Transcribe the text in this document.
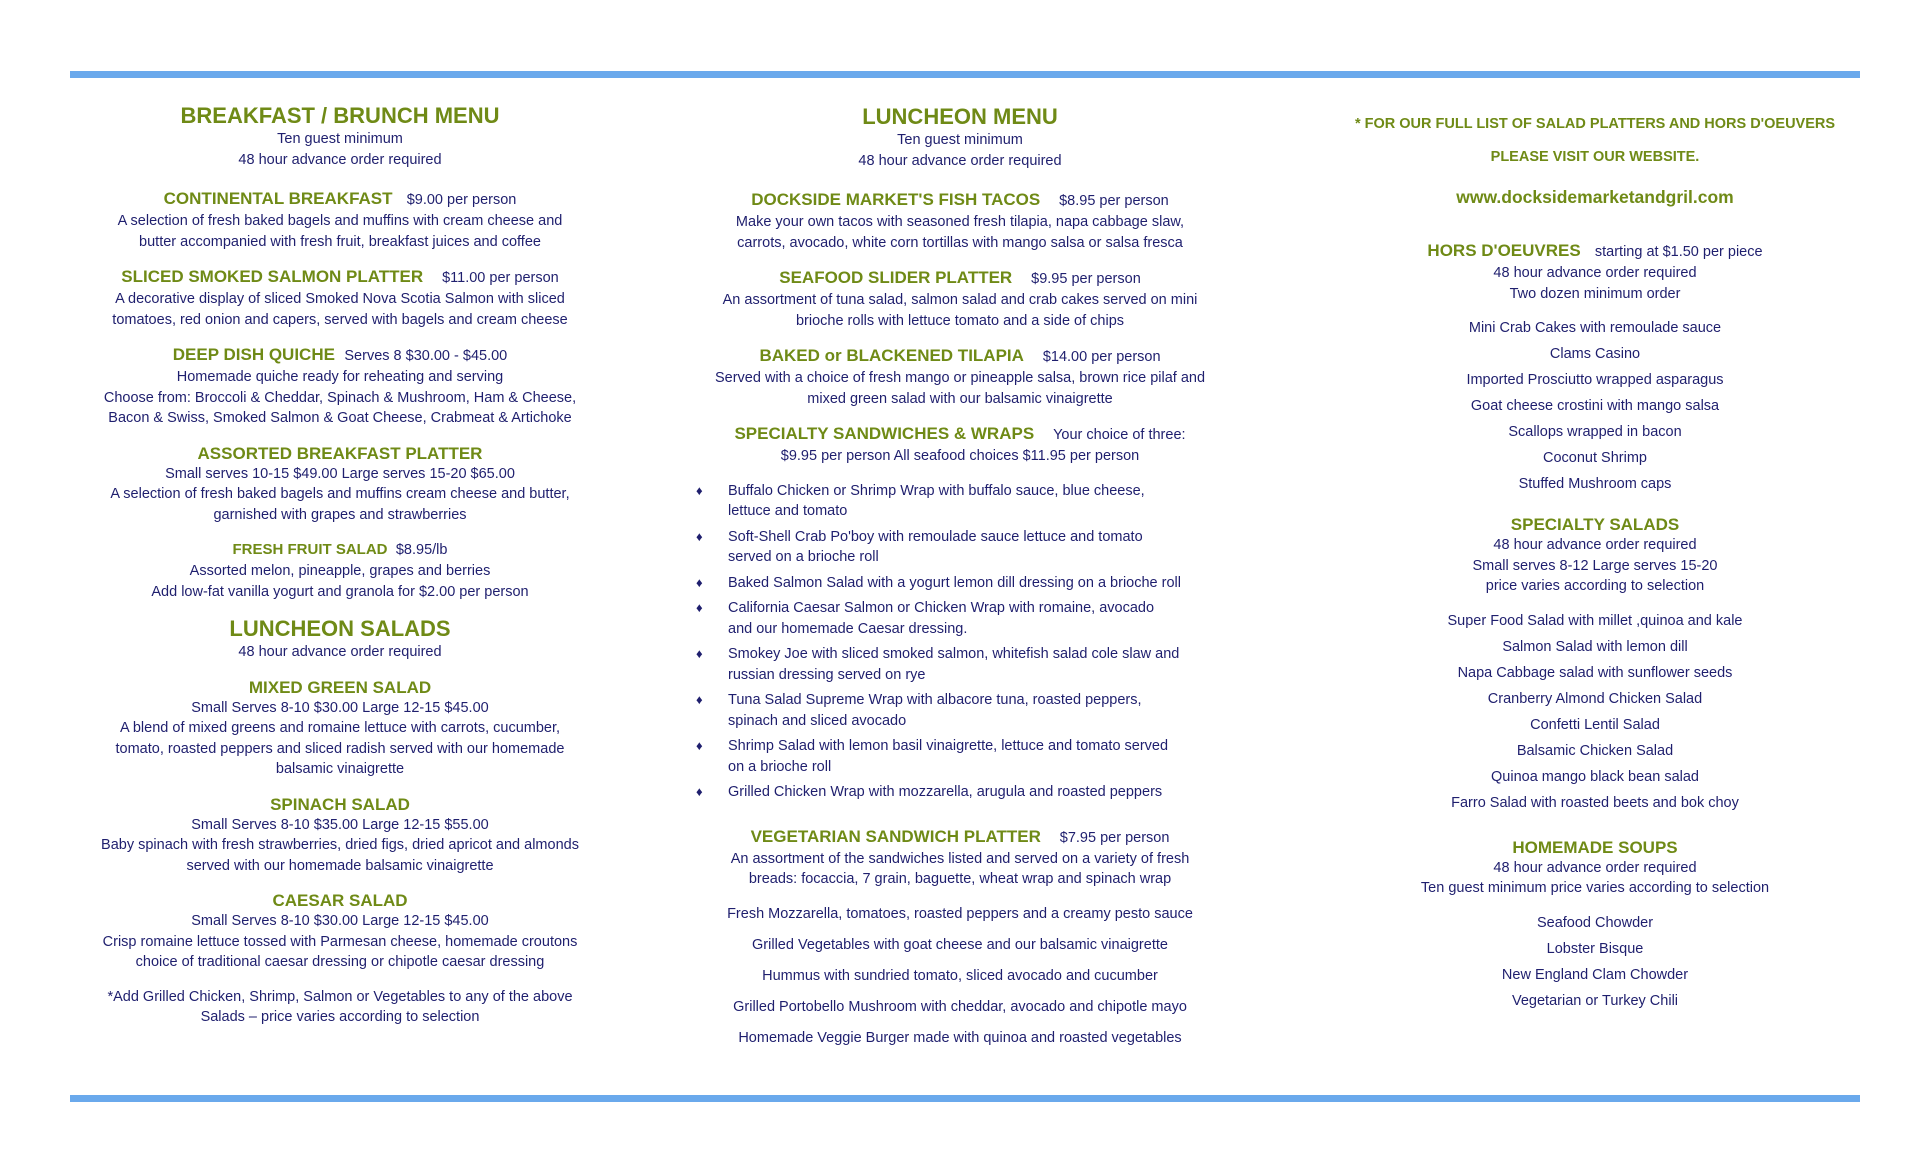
BREAKFAST / BRUNCH MENU

Ten guest minimum

48 hour advance order required

CONTINENTAL BREAKFAST $9.00 per person

A selection of fresh baked bagels and muffins with cream cheese and

butter accompanied with fresh fruit, breakfast juices and coffee

SLICED SMOKED SALMON PLATTER $11.00 per person

A decorative display of sliced Smoked Nova Scotia Salmon with sliced

tomatoes, red onion and capers, served with bagels and cream cheese

DEEP DISH QUICHE Serves 8 $30.00 - $45.00

Homemade quiche ready for reheating and serving

Choose from: Broccoli & Cheddar, Spinach & Mushroom, Ham & Cheese,

Bacon & Swiss, Smoked Salmon & Goat Cheese, Crabmeat & Artichoke

ASSORTED BREAKFAST PLATTER

Small serves 10-15 $49.00 Large serves 15-20 $65.00

A selection of fresh baked bagels and muffins cream cheese and butter,

garnished with grapes and strawberries

FRESH FRUIT SALAD $8.95/lb

Assorted melon, pineapple, grapes and berries

Add low-fat vanilla yogurt and granola for $2.00 per person

LUNCHEON SALADS

48 hour advance order required

MIXED GREEN SALAD

Small Serves 8-10 $30.00 Large 12-15 $45.00

A blend of mixed greens and romaine lettuce with carrots, cucumber,

tomato, roasted peppers and sliced radish served with our homemade

balsamic vinaigrette

SPINACH SALAD

Small Serves 8-10 $35.00 Large 12-15 $55.00

Baby spinach with fresh strawberries, dried figs, dried apricot and almonds

served with our homemade balsamic vinaigrette

CAESAR SALAD

Small Serves 8-10 $30.00 Large 12-15 $45.00

Crisp romaine lettuce tossed with Parmesan cheese, homemade croutons

choice of traditional caesar dressing or chipotle caesar dressing

*Add Grilled Chicken, Shrimp, Salmon or Vegetables to any of the above

Salads – price varies according to selection

LUNCHEON MENU

Ten guest minimum

48 hour advance order required

DOCKSIDE MARKET'S FISH TACOS $8.95 per person

Make your own tacos with seasoned fresh tilapia, napa cabbage slaw,

carrots, avocado, white corn tortillas with mango salsa or salsa fresca

SEAFOOD SLIDER PLATTER $9.95 per person

An assortment of tuna salad, salmon salad and crab cakes served on mini

brioche rolls with lettuce tomato and a side of chips

BAKED or BLACKENED TILAPIA $14.00 per person

Served with a choice of fresh mango or pineapple salsa, brown rice pilaf and

mixed green salad with our balsamic vinaigrette

SPECIALTY SANDWICHES & WRAPS Your choice of three:

$9.95 per person All seafood choices $11.95 per person

♦ Buffalo Chicken or Shrimp Wrap with buffalo sauce, blue cheese,
lettuce and tomato
♦ Soft-Shell Crab Po'boy with remoulade sauce lettuce and tomato
served on a brioche roll
♦ Baked Salmon Salad with a yogurt lemon dill dressing on a brioche roll
♦ California Caesar Salmon or Chicken Wrap with romaine, avocado
and our homemade Caesar dressing.
♦ Smokey Joe with sliced smoked salmon, whitefish salad cole slaw and
russian dressing served on rye
♦ Tuna Salad Supreme Wrap with albacore tuna, roasted peppers,
spinach and sliced avocado
♦ Shrimp Salad with lemon basil vinaigrette, lettuce and tomato served
on a brioche roll
♦ Grilled Chicken Wrap with mozzarella, arugula and roasted peppers

VEGETARIAN SANDWICH PLATTER $7.95 per person

An assortment of the sandwiches listed and served on a variety of fresh

breads: focaccia, 7 grain, baguette, wheat wrap and spinach wrap

Fresh Mozzarella, tomatoes, roasted peppers and a creamy pesto sauce

Grilled Vegetables with goat cheese and our balsamic vinaigrette

Hummus with sundried tomato, sliced avocado and cucumber

Grilled Portobello Mushroom with cheddar, avocado and chipotle mayo

Homemade Veggie Burger made with quinoa and roasted vegetables

* FOR OUR FULL LIST OF SALAD PLATTERS AND HORS D'OEUVERS

PLEASE VISIT OUR WEBSITE.

www.docksidemarketandgril.com

HORS D'OEUVRES starting at $1.50 per piece

48 hour advance order required

Two dozen minimum order

Mini Crab Cakes with remoulade sauce

Clams Casino

Imported Prosciutto wrapped asparagus

Goat cheese crostini with mango salsa

Scallops wrapped in bacon

Coconut Shrimp

Stuffed Mushroom caps

SPECIALTY SALADS

48 hour advance order required

Small serves 8-12 Large serves 15-20

price varies according to selection

Super Food Salad with millet ,quinoa and kale

Salmon Salad with lemon dill

Napa Cabbage salad with sunflower seeds

Cranberry Almond Chicken Salad

Confetti Lentil Salad

Balsamic Chicken Salad

Quinoa mango black bean salad

Farro Salad with roasted beets and bok choy

HOMEMADE SOUPS

48 hour advance order required

Ten guest minimum price varies according to selection

Seafood Chowder

Lobster Bisque

New England Clam Chowder

Vegetarian or Turkey Chili
